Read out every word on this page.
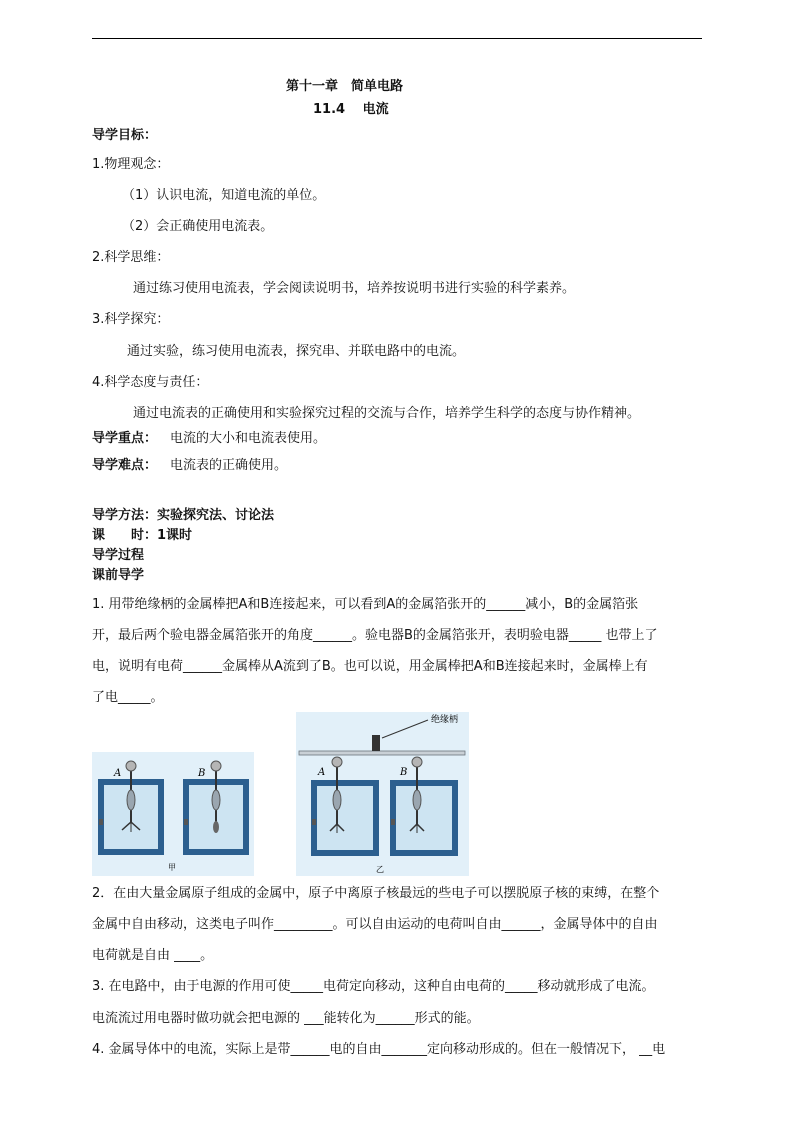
第十一章　简单电路
11.4　 电流
导学目标：
1.物理观念：
（1）认识电流，知道电流的单位。
（2）会正确使用电流表。
2.科学思维：
通过练习使用电流表，学会阅读说明书，培养按说明书进行实验的科学素养。
3.科学探究：
通过实验，练习使用电流表，探究串、并联电路中的电流。
4.科学态度与责任：
通过电流表的正确使用和实验探究过程的交流与合作，培养学生科学的态度与协作精神。
导学重点： 电流的大小和电流表使用。
导学难点： 电流表的正确使用。
导学方法：实验探究法、讨论法
课　　时：1课时
导学过程
课前导学
1. 用带绝缘柄的金属棒把A和B连接起来，可以看到A的金属箔张开的______减小，B的金属箔张
开，最后两个验电器金属箔张开的角度______。验电器B的金属箔张开，表明验电器_____ 也带上了
电，说明有电荷______金属棒从A流到了B。也可以说，用金属棒把A和B连接起来时，金属棒上有
了电_____。
A	B
甲
绝缘柄
A	B
乙
2．在由大量金属原子组成的金属中，原子中离原子核最远的些电子可以摆脱原子核的束缚，在整个
金属中自由移动，这类电子叫作_________。可以自由运动的电荷叫自由______，金属导体中的自由
电荷就是自由 ____。
3. 在电路中，由于电源的作用可使_____电荷定向移动，这种自由电荷的_____移动就形成了电流。
电流流过用电器时做功就会把电源的 ___能转化为______形式的能。
4. 金属导体中的电流，实际上是带______电的自由_______定向移动形成的。但在一般情况下， __电
